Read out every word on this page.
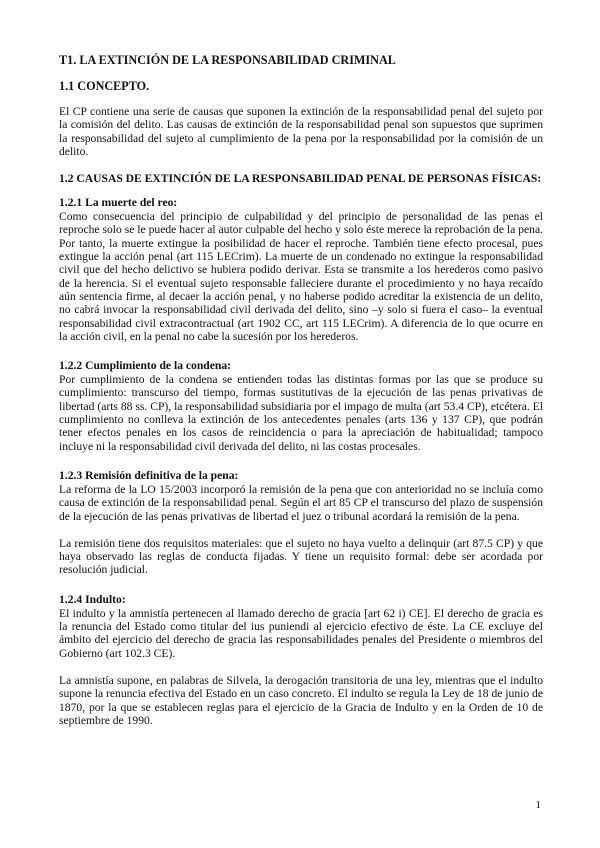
T1. LA EXTINCIÓN DE LA RESPONSABILIDAD CRIMINAL
1.1 CONCEPTO.

El CP contiene una serie de causas que suponen la extinción de la responsabilidad penal del sujeto por la comisión del delito. Las causas de extinción de la responsabilidad penal son supuestos que suprimen la responsabilidad del sujeto al cumplimiento de la pena por la responsabilidad por la comisión de un delito.

1.2 CAUSAS DE EXTINCIÓN DE LA RESPONSABILIDAD PENAL DE PERSONAS FÍSICAS:
1.2.1 La muerte del reo:

Como consecuencia del principio de culpabilidad y del principio de personalidad de las penas el reproche solo se le puede hacer al autor culpable del hecho y solo éste merece la reprobación de la pena. Por tanto, la muerte extingue la posibilidad de hacer el reproche. También tiene efecto procesal, pues extingue la acción penal (art 115 LECrim). La muerte de un condenado no extingue la responsabilidad civil que del hecho delictivo se hubiera podido derivar. Esta se transmite a los herederos como pasivo de la herencia. Si el eventual sujeto responsable falleciere durante el procedimiento y no haya recaído aún sentencia firme, al decaer la acción penal, y no haberse podido acreditar la existencia de un delito, no cabrá invocar la responsabilidad civil derivada del delito, sino –y solo si fuera el caso– la eventual responsabilidad civil extracontractual (art 1902 CC, art 115 LECrim). A diferencia de lo que ocurre en la acción civil, en la penal no cabe la sucesión por los herederos.

1.2.2 Cumplimiento de la condena:

Por cumplimiento de la condena se entienden todas las distintas formas por las que se produce su cumplimiento: transcurso del tiempo, formas sustitutivas de la ejecución de las penas privativas de libertad (arts 88 ss. CP), la responsabilidad subsidiaria por el impago de multa (art 53.4 CP), etcétera. El cumplimiento no conlleva la extinción de los antecedentes penales (arts 136 y 137 CP), que podrán tener efectos penales en los casos de reincidencia o para la apreciación de habitualidad; tampoco incluye ni la responsabilidad civil derivada del delito, ni las costas procesales.

1.2.3 Remisión definitiva de la pena:

La reforma de la LO 15/2003 incorporó la remisión de la pena que con anterioridad no se incluía como causa de extinción de la responsabilidad penal. Según el art 85 CP el transcurso del plazo de suspensión de la ejecución de las penas privativas de libertad el juez o tribunal acordará la remisión de la pena.

La remisión tiene dos requisitos materiales: que el sujeto no haya vuelto a delinquir (art 87.5 CP) y que haya observado las reglas de conducta fijadas. Y tiene un requisito formal: debe ser acordada por resolución judicial.

1.2.4 Indulto:

El indulto y la amnistía pertenecen al llamado derecho de gracia [art 62 i) CE]. El derecho de gracia es la renuncia del Estado como titular del ius puniendi al ejercicio efectivo de éste. La CE excluye del ámbito del ejercicio del derecho de gracia las responsabilidades penales del Presidente o miembros del Gobierno (art 102.3 CE).

La amnistía supone, en palabras de Silvela, la derogación transitoria de una ley, mientras que el indulto supone la renuncia efectiva del Estado en un caso concreto. El indulto se regula la Ley de 18 de junio de 1870, por la que se establecen reglas para el ejercicio de la Gracia de Indulto y en la Orden de 10 de septiembre de 1990.

1
